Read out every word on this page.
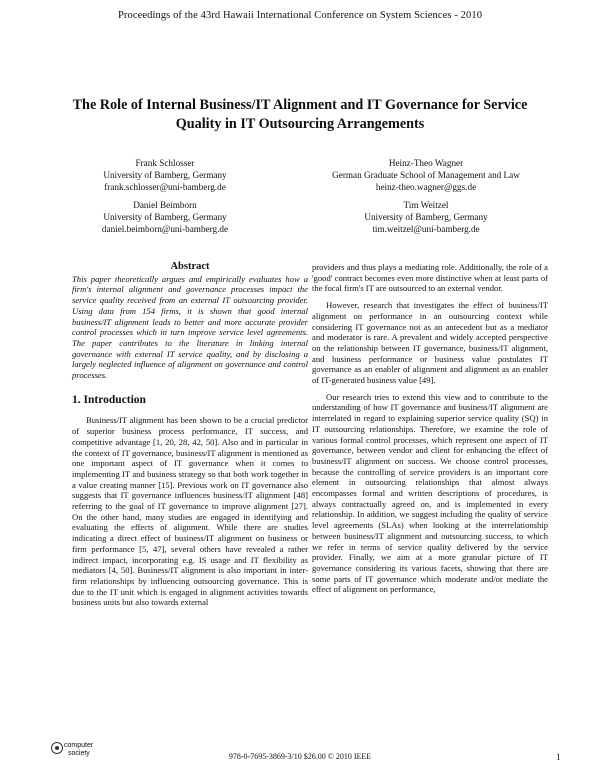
Proceedings of the 43rd Hawaii International Conference on System Sciences - 2010
The Role of Internal Business/IT Alignment and IT Governance for Service
Quality in IT Outsourcing Arrangements
Frank Schlosser
University of Bamberg, Germany
frank.schlosser@uni-bamberg.de
Heinz-Theo Wagner
German Graduate School of Management and Law
heinz-theo.wagner@ggs.de
Daniel Beimborn
University of Bamberg, Germany
daniel.beimborn@uni-bamberg.de
Tim Weitzel
University of Bamberg, Germany
tim.weitzel@uni-bamberg.de
Abstract

This paper theoretically argues and empirically evaluates how a firm's internal alignment and governance processes impact the service quality received from an external IT outsourcing provider. Using data from 154 firms, it is shown that good internal business/IT alignment leads to better and more accurate provider control processes which in turn improve service level agreements. The paper contributes to the literature in linking internal governance with external IT service quality, and by disclosing a largely neglected influence of alignment on governance and control processes.

1. Introduction

Business/IT alignment has been shown to be a crucial predictor of superior business process performance, IT success, and competitive advantage [1, 20, 28, 42, 50]. Also and in particular in the context of IT governance, business/IT alignment is mentioned as one important aspect of IT governance when it comes to implementing IT and business strategy so that both work together in a value creating manner [15]. Previous work on IT governance also suggests that IT governance influences business/IT alignment [48] referring to the goal of IT governance to improve alignment [27]. On the other hand, many studies are engaged in identifying and evaluating the effects of alignment. While there are studies indicating a direct effect of business/IT alignment on business or firm performance [5, 47], several others have revealed a rather indirect impact, incorporating e.g. IS usage and IT flexibility as mediators [4, 50]. Business/IT alignment is also important in inter-firm relationships by influencing outsourcing governance. This is due to the IT unit which is engaged in alignment activities towards business units but also towards external

providers and thus plays a mediating role. Additionally, the role of a 'good' contract becomes even more distinctive when at least parts of the focal firm's IT are outsourced to an external vendor.

However, research that investigates the effect of business/IT alignment on performance in an outsourcing context while considering IT governance not as an antecedent but as a mediator and moderator is rare. A prevalent and widely accepted perspective on the relationship between IT governance, business/IT alignment, and business performance or business value postulates IT governance as an enabler of alignment and alignment as an enabler of IT-generated business value [49].

Our research tries to extend this view and to contribute to the understanding of how IT governance and business/IT alignment are interrelated in regard to explaining superior service quality (SQ) in IT outsourcing relationships. Therefore, we examine the role of various formal control processes, which represent one aspect of IT governance, between vendor and client for enhancing the effect of business/IT alignment on success. We choose control processes, because the controlling of service providers is an important core element in outsourcing relationships that almost always encompasses formal and written descriptions of procedures, is always contractually agreed on, and is implemented in every relationship. In addition, we suggest including the quality of service level agreements (SLAs) when looking at the interrelationship between business/IT alignment and outsourcing success, to which we refer in terms of service quality delivered by the service provider. Finally, we aim at a more granular picture of IT governance considering its various facets, showing that there are some parts of IT governance which moderate and/or mediate the effect of alignment on performance,

computer
society	978-0-7695-3869-3/10 $26.00 © 2010 IEEE	1
